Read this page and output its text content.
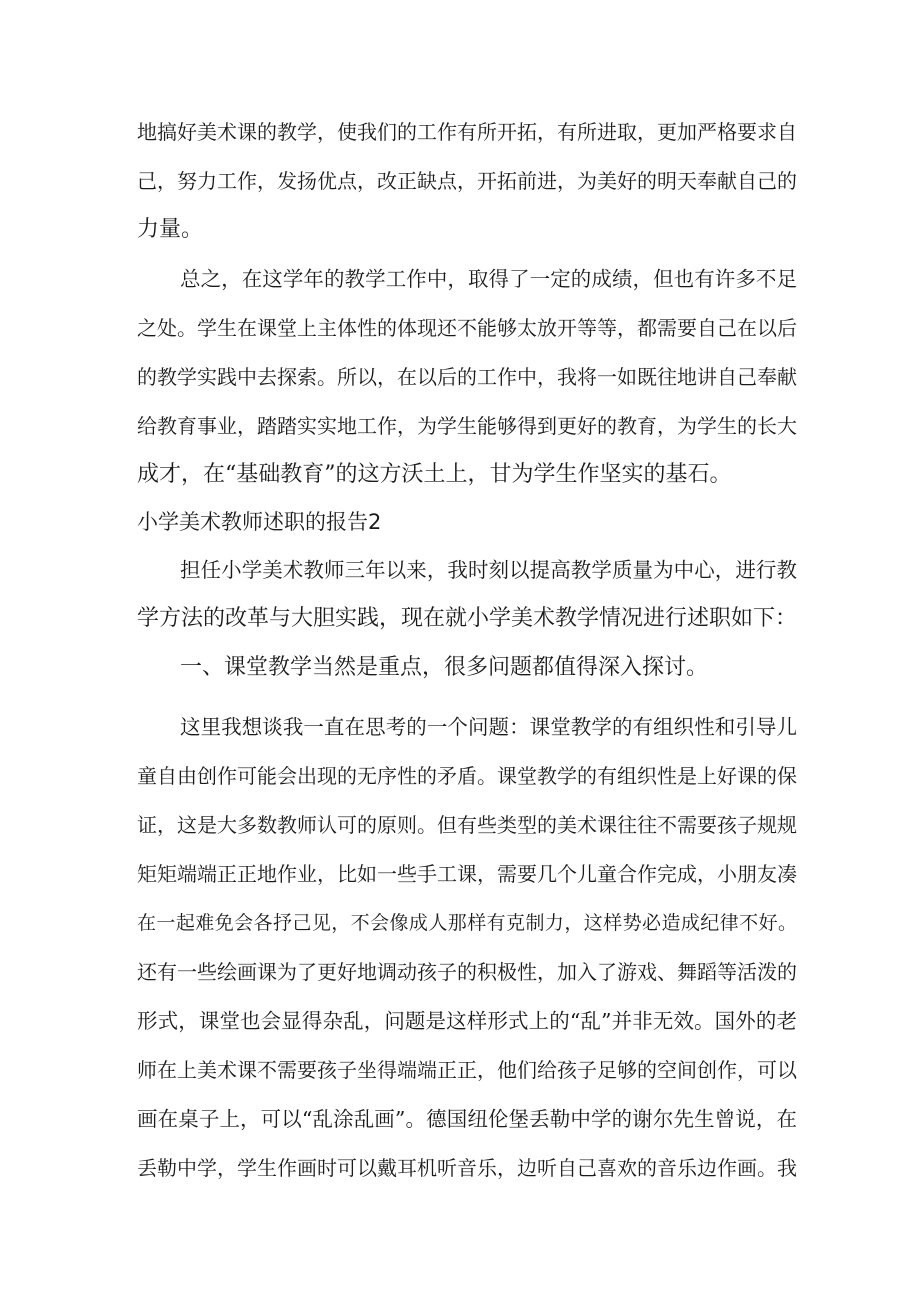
地搞好美术课的教学，使我们的工作有所开拓，有所进取，更加严格要求自
己，努力工作，发扬优点，改正缺点，开拓前进，为美好的明天奉献自己的
力量。
总之，在这学年的教学工作中，取得了一定的成绩，但也有许多不足
之处。学生在课堂上主体性的体现还不能够太放开等等，都需要自己在以后
的教学实践中去探索。所以，在以后的工作中，我将一如既往地讲自己奉献
给教育事业，踏踏实实地工作，为学生能够得到更好的教育，为学生的长大
成才，在“基础教育”的这方沃土上，甘为学生作坚实的基石。
小学美术教师述职的报告2
担任小学美术教师三年以来，我时刻以提高教学质量为中心，进行教
学方法的改革与大胆实践，现在就小学美术教学情况进行述职如下：
一、课堂教学当然是重点，很多问题都值得深入探讨。
这里我想谈我一直在思考的一个问题：课堂教学的有组织性和引导儿
童自由创作可能会出现的无序性的矛盾。课堂教学的有组织性是上好课的保
证，这是大多数教师认可的原则。但有些类型的美术课往往不需要孩子规规
矩矩端端正正地作业，比如一些手工课，需要几个儿童合作完成，小朋友凑
在一起难免会各抒己见，不会像成人那样有克制力，这样势必造成纪律不好。
还有一些绘画课为了更好地调动孩子的积极性，加入了游戏、舞蹈等活泼的
形式，课堂也会显得杂乱，问题是这样形式上的“乱”并非无效。国外的老
师在上美术课不需要孩子坐得端端正正，他们给孩子足够的空间创作，可以
画在桌子上，可以“乱涂乱画”。德国纽伦堡丢勒中学的谢尔先生曾说，在
丢勒中学，学生作画时可以戴耳机听音乐，边听自己喜欢的音乐边作画。我
